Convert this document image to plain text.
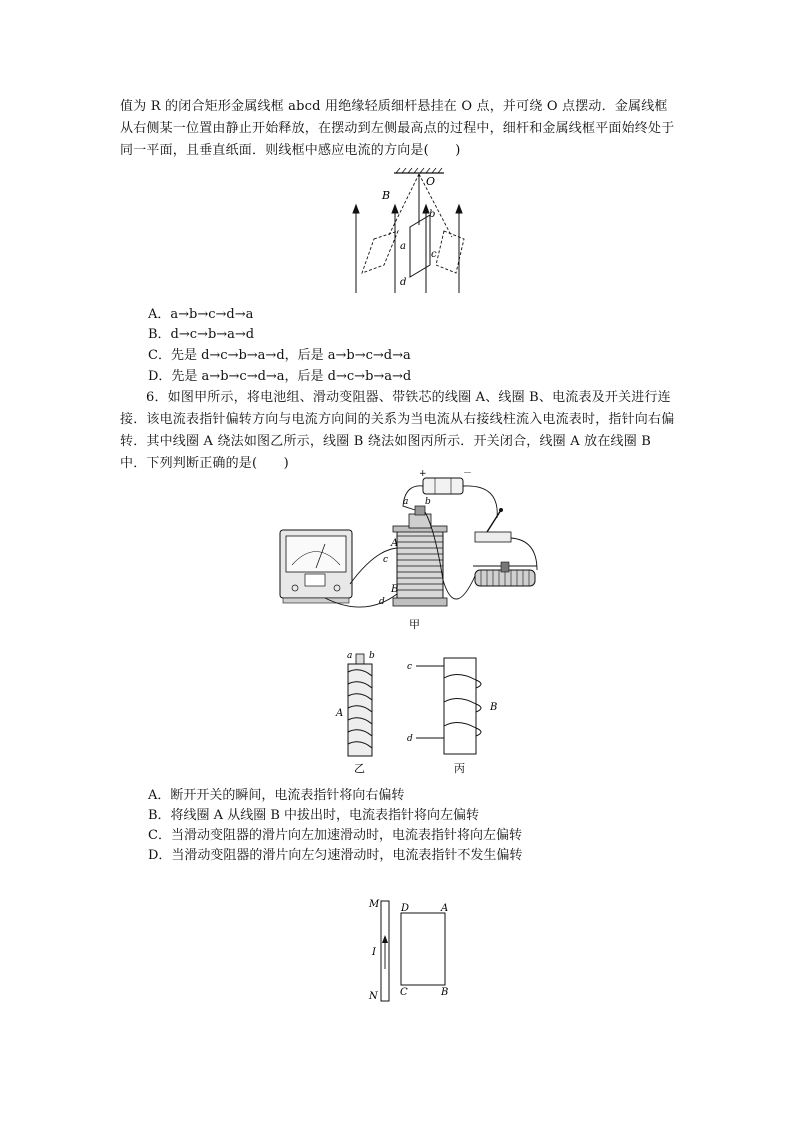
值为 R 的闭合矩形金属线框 abcd 用绝缘轻质细杆悬挂在 O 点，并可绕 O 点摆动．金属线框从右侧某一位置由静止开始释放，在摆动到左侧最高点的过程中，细杆和金属线框平面始终处于同一平面，且垂直纸面．则线框中感应电流的方向是(　　)
O
B
a
b
c
d
A．a→b→c→d→a
B．d→c→b→a→d
C．先是 d→c→b→a→d，后是 a→b→c→d→a
D．先是 a→b→c→d→a，后是 d→c→b→a→d
6．如图甲所示，将电池组、滑动变阻器、带铁芯的线圈 A、线圈 B、电流表及开关进行连接．该电流表指针偏转方向与电流方向间的关系为当电流从右接线柱流入电流表时，指针向右偏转．其中线圈 A 绕法如图乙所示，线圈 B 绕法如图丙所示．开关闭合，线圈 A 放在线圈 B 中．下列判断正确的是(　　)
+	－
a b
A
B
c
d
甲
a b
A
乙
c
d
B
丙
A．断开开关的瞬间，电流表指针将向右偏转
B．将线圈 A 从线圈 B 中拔出时，电流表指针将向左偏转
C．当滑动变阻器的滑片向左加速滑动时，电流表指针将向左偏转
D．当滑动变阻器的滑片向左匀速滑动时，电流表指针不发生偏转
M
N
I
D	A
C	B
